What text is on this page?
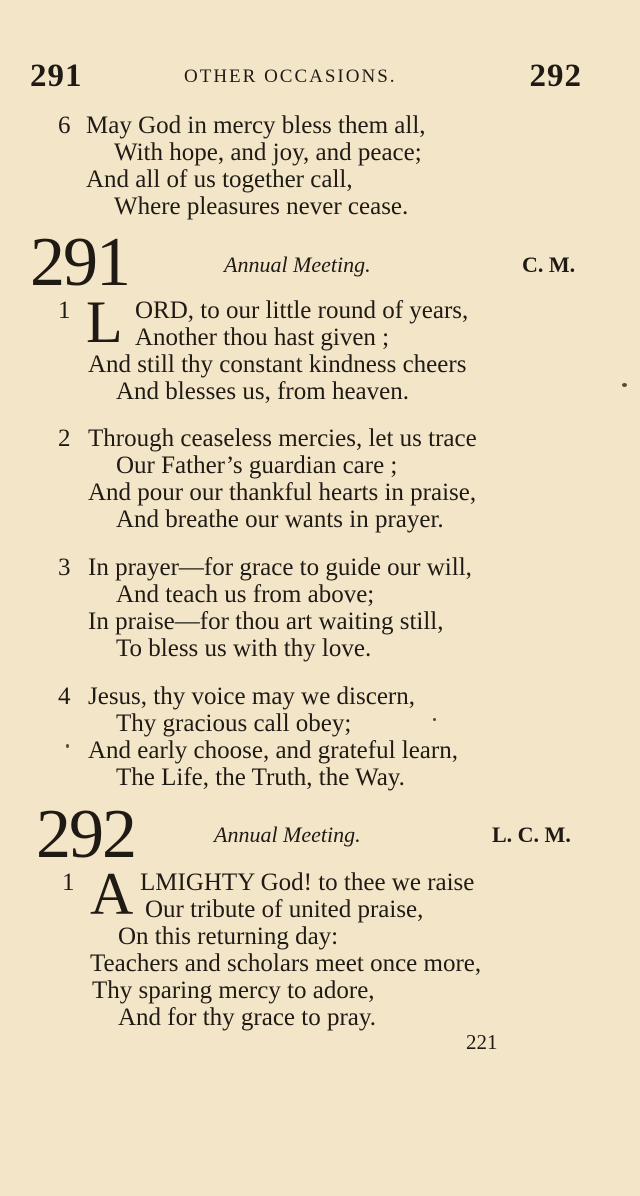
291	OTHER OCCASIONS.	292
6 May God in mercy bless them all,
With hope, and joy, and peace;
And all of us together call,
Where pleasures never cease.
291	Annual Meeting.	C. M.
1 L ORD, to our little round of years,
Another thou hast given ;
And still thy constant kindness cheers
And blesses us, from heaven.
2 Through ceaseless mercies, let us trace
Our Father’s guardian care ;
And pour our thankful hearts in praise,
And breathe our wants in prayer.
3 In prayer—for grace to guide our will,
And teach us from above;
In praise—for thou art waiting still,
To bless us with thy love.
4 Jesus, thy voice may we discern,
Thy gracious call obey;
And early choose, and grateful learn,
The Life, the Truth, the Way.
292	Annual Meeting.	L. C. M.
1 A LMIGHTY God! to thee we raise
Our tribute of united praise,
On this returning day:
Teachers and scholars meet once more,
Thy sparing mercy to adore,
And for thy grace to pray.
221
